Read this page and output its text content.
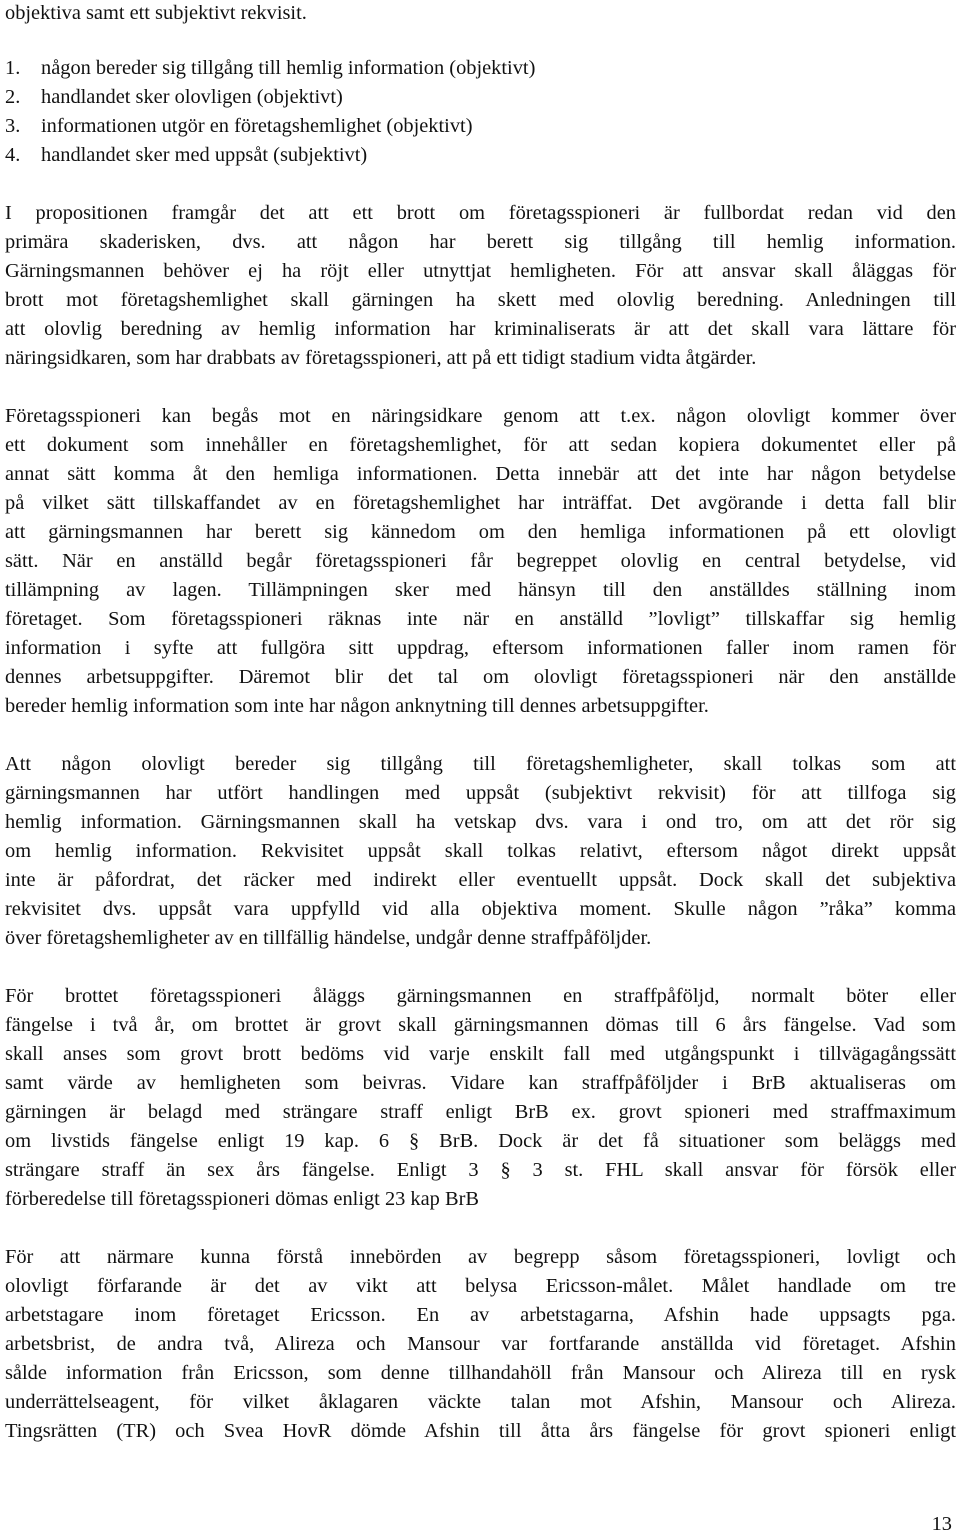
objektiva samt ett subjektivt rekvisit.
1. någon bereder sig tillgång till hemlig information (objektivt)
2. handlandet sker olovligen (objektivt)
3. informationen utgör en företagshemlighet (objektivt)
4. handlandet sker med uppsåt (subjektivt)
I propositionen framgår det att ett brott om företagsspioneri är fullbordat redan vid den
primära skaderisken, dvs. att någon har berett sig tillgång till hemlig information.
Gärningsmannen behöver ej ha röjt eller utnyttjat hemligheten. För att ansvar skall åläggas för
brott mot företagshemlighet skall gärningen ha skett med olovlig beredning. Anledningen till
att olovlig beredning av hemlig information har kriminaliserats är att det skall vara lättare för
näringsidkaren, som har drabbats av företagsspioneri, att på ett tidigt stadium vidta åtgärder.
Företagsspioneri kan begås mot en näringsidkare genom att t.ex. någon olovligt kommer över
ett dokument som innehåller en företagshemlighet, för att sedan kopiera dokumentet eller på
annat sätt komma åt den hemliga informationen. Detta innebär att det inte har någon betydelse
på vilket sätt tillskaffandet av en företagshemlighet har inträffat. Det avgörande i detta fall blir
att gärningsmannen har berett sig kännedom om den hemliga informationen på ett olovligt
sätt. När en anställd begår företagsspioneri får begreppet olovlig en central betydelse, vid
tillämpning av lagen. Tillämpningen sker med hänsyn till den anställdes ställning inom
företaget. Som företagsspioneri räknas inte när en anställd ”lovligt” tillskaffar sig hemlig
information i syfte att fullgöra sitt uppdrag, eftersom informationen faller inom ramen för
dennes arbetsuppgifter. Däremot blir det tal om olovligt företagsspioneri när den anställde
bereder hemlig information som inte har någon anknytning till dennes arbetsuppgifter.
Att någon olovligt bereder sig tillgång till företagshemligheter, skall tolkas som att
gärningsmannen har utfört handlingen med uppsåt (subjektivt rekvisit) för att tillfoga sig
hemlig information. Gärningsmannen skall ha vetskap dvs. vara i ond tro, om att det rör sig
om hemlig information. Rekvisitet uppsåt skall tolkas relativt, eftersom något direkt uppsåt
inte är påfordrat, det räcker med indirekt eller eventuellt uppsåt. Dock skall det subjektiva
rekvisitet dvs. uppsåt vara uppfylld vid alla objektiva moment. Skulle någon ”råka” komma
över företagshemligheter av en tillfällig händelse, undgår denne straffpåföljder.
För brottet företagsspioneri åläggs gärningsmannen en straffpåföljd, normalt böter eller
fängelse i två år, om brottet är grovt skall gärningsmannen dömas till 6 års fängelse. Vad som
skall anses som grovt brott bedöms vid varje enskilt fall med utgångspunkt i tillvägagångssätt
samt värde av hemligheten som beivras. Vidare kan straffpåföljder i BrB aktualiseras om
gärningen är belagd med strängare straff enligt BrB ex. grovt spioneri med straffmaximum
om livstids fängelse enligt 19 kap. 6 § BrB. Dock är det få situationer som beläggs med
strängare straff än sex års fängelse. Enligt 3 § 3 st. FHL skall ansvar för försök eller
förberedelse till företagsspioneri dömas enligt 23 kap BrB
För att närmare kunna förstå innebörden av begrepp såsom företagsspioneri, lovligt och
olovligt förfarande är det av vikt att belysa Ericsson-målet. Målet handlade om tre
arbetstagare inom företaget Ericsson. En av arbetstagarna, Afshin hade uppsagts pga.
arbetsbrist, de andra två, Alireza och Mansour var fortfarande anställda vid företaget. Afshin
sålde information från Ericsson, som denne tillhandahöll från Mansour och Alireza till en rysk
underrättelseagent, för vilket åklagaren väckte talan mot Afshin, Mansour och Alireza.
Tingsrätten (TR) och Svea HovR dömde Afshin till åtta års fängelse för grovt spioneri enligt
13
